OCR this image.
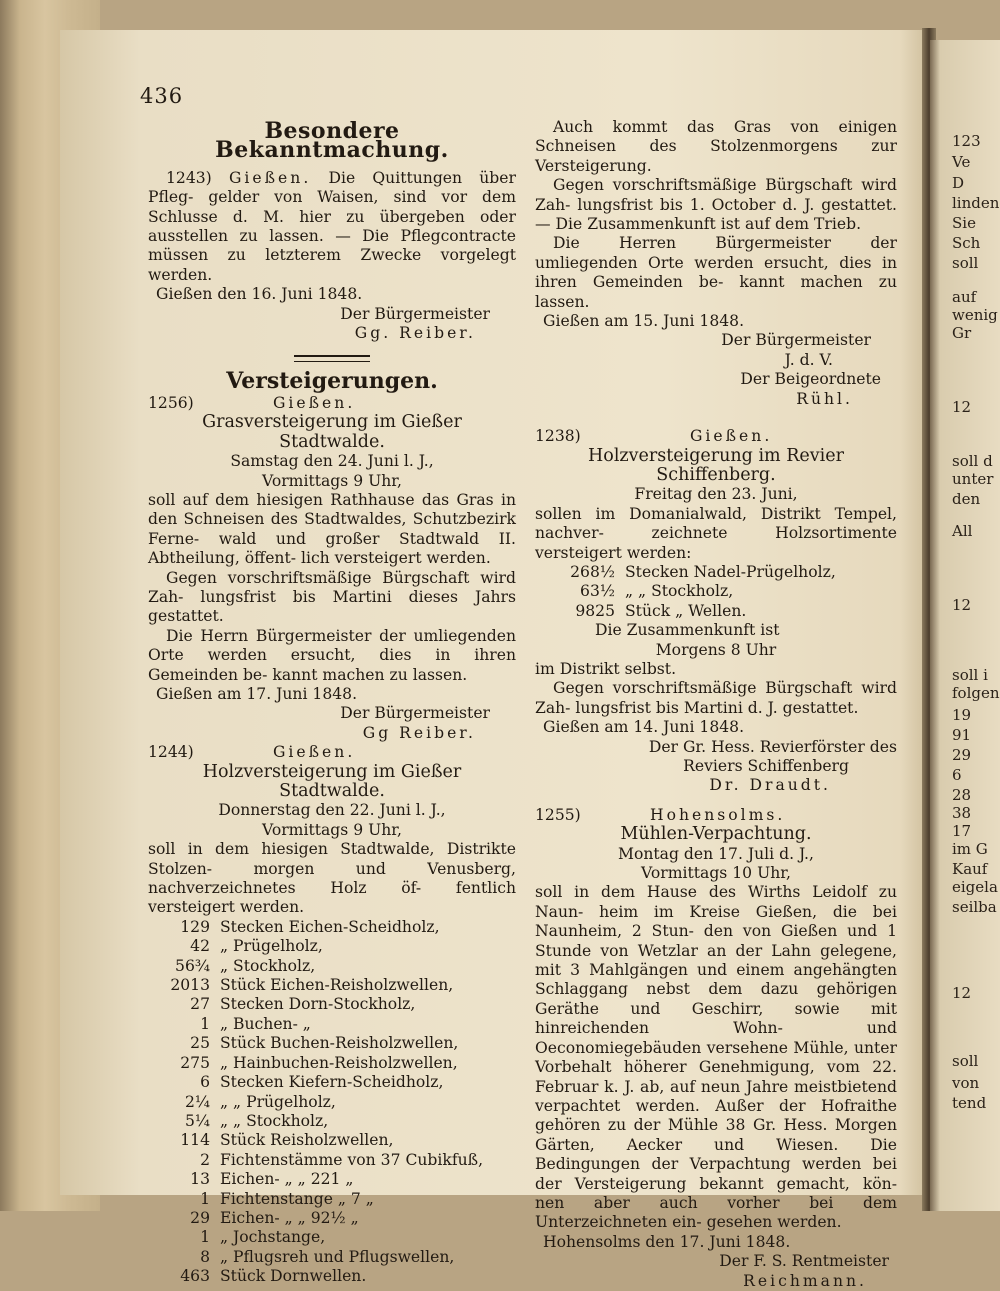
436
Besondere Bekanntmachung.

1243) Gießen. Die Quittungen über Pfleg- gelder von Waisen, sind vor dem Schlusse d. M. hier zu übergeben oder ausstellen zu lassen. — Die Pflegcontracte müssen zu letzterem Zwecke vorgelegt werden.

Gießen den 16. Juni 1848.

Der Bürgermeister

Gg. Reiber.

Versteigerungen.

1256)	Gießen.

Grasversteigerung im Gießer Stadtwalde.

Samstag den 24. Juni l. J.,

Vormittags 9 Uhr,

soll auf dem hiesigen Rathhause das Gras in den Schneisen des Stadtwaldes, Schutzbezirk Ferne- wald und großer Stadtwald II. Abtheilung, öffent- lich versteigert werden.

Gegen vorschriftsmäßige Bürgschaft wird Zah- lungsfrist bis Martini dieses Jahrs gestattet.

Die Herrn Bürgermeister der umliegenden Orte werden ersucht, dies in ihren Gemeinden be- kannt machen zu lassen.

Gießen am 17. Juni 1848.

Der Bürgermeister

Gg Reiber.

1244)	Gießen.

Holzversteigerung im Gießer Stadtwalde.

Donnerstag den 22. Juni l. J.,

Vormittags 9 Uhr,

soll in dem hiesigen Stadtwalde, Distrikte Stolzen- morgen und Venusberg, nachverzeichnetes Holz öf- fentlich versteigert werden.

129 Stecken Eichen-Scheidholz,
42 „ Prügelholz,
56¾ „ Stockholz,
2013 Stück Eichen-Reisholzwellen,
27 Stecken Dorn-Stockholz,
1 „ Buchen- „
25 Stück Buchen-Reisholzwellen,
275 „ Hainbuchen-Reisholzwellen,
6 Stecken Kiefern-Scheidholz,
2¼ „ „ Prügelholz,
5¼ „ „ Stockholz,
114 Stück Reisholzwellen,
2 Fichtenstämme von 37 Cubikfuß,
13 Eichen- „ „ 221 „
1 Fichtenstange „ 7 „
29 Eichen- „ „ 92½ „
1 „ Jochstange,
8 „ Pflugsreh und Pflugswellen,
463 Stück Dornwellen.

Auch kommt das Gras von einigen Schneisen des Stolzenmorgens zur Versteigerung.

Gegen vorschriftsmäßige Bürgschaft wird Zah- lungsfrist bis 1. October d. J. gestattet. — Die Zusammenkunft ist auf dem Trieb.

Die Herren Bürgermeister der umliegenden Orte werden ersucht, dies in ihren Gemeinden be- kannt machen zu lassen.

Gießen am 15. Juni 1848.

Der Bürgermeister

J. d. V.

Der Beigeordnete

Rühl.

1238)	Gießen.

Holzversteigerung im Revier Schiffenberg.

Freitag den 23. Juni,

sollen im Domanialwald, Distrikt Tempel, nachver- zeichnete Holzsortimente versteigert werden:

268½ Stecken Nadel-Prügelholz,
63½ „ „ Stockholz,
9825 Stück „ Wellen.

Die Zusammenkunft ist

Morgens 8 Uhr

im Distrikt selbst.

Gegen vorschriftsmäßige Bürgschaft wird Zah- lungsfrist bis Martini d. J. gestattet.

Gießen am 14. Juni 1848.

Der Gr. Hess. Revierförster des

Reviers Schiffenberg

Dr. Draudt.

1255)	Hohensolms.

Mühlen-Verpachtung.

Montag den 17. Juli d. J.,

Vormittags 10 Uhr,

soll in dem Hause des Wirths Leidolf zu Naun- heim im Kreise Gießen, die bei Naunheim, 2 Stun- den von Gießen und 1 Stunde von Wetzlar an der Lahn gelegene, mit 3 Mahlgängen und einem angehängten Schlaggang nebst dem dazu gehörigen Geräthe und Geschirr, sowie mit hinreichenden Wohn- und Oeconomiegebäuden versehene Mühle, unter Vorbehalt höherer Genehmigung, vom 22. Februar k. J. ab, auf neun Jahre meistbietend verpachtet werden. Außer der Hofraithe gehören zu der Mühle 38 Gr. Hess. Morgen Gärten, Aecker und Wiesen. Die Bedingungen der Verpachtung werden bei der Versteigerung bekannt gemacht, kön- nen aber auch vorher bei dem Unterzeichneten ein- gesehen werden.

Hohensolms den 17. Juni 1848.

Der F. S. Rentmeister

Reichmann.

123
Ve
D
linden
Sie
Sch
soll
auf
wenig
Gr
12
soll d
unter
den
All
12
soll i
folgen
19
91
29
6
28
38
17
im G
Kauf
eigela
seilba
12
soll
von
tend
